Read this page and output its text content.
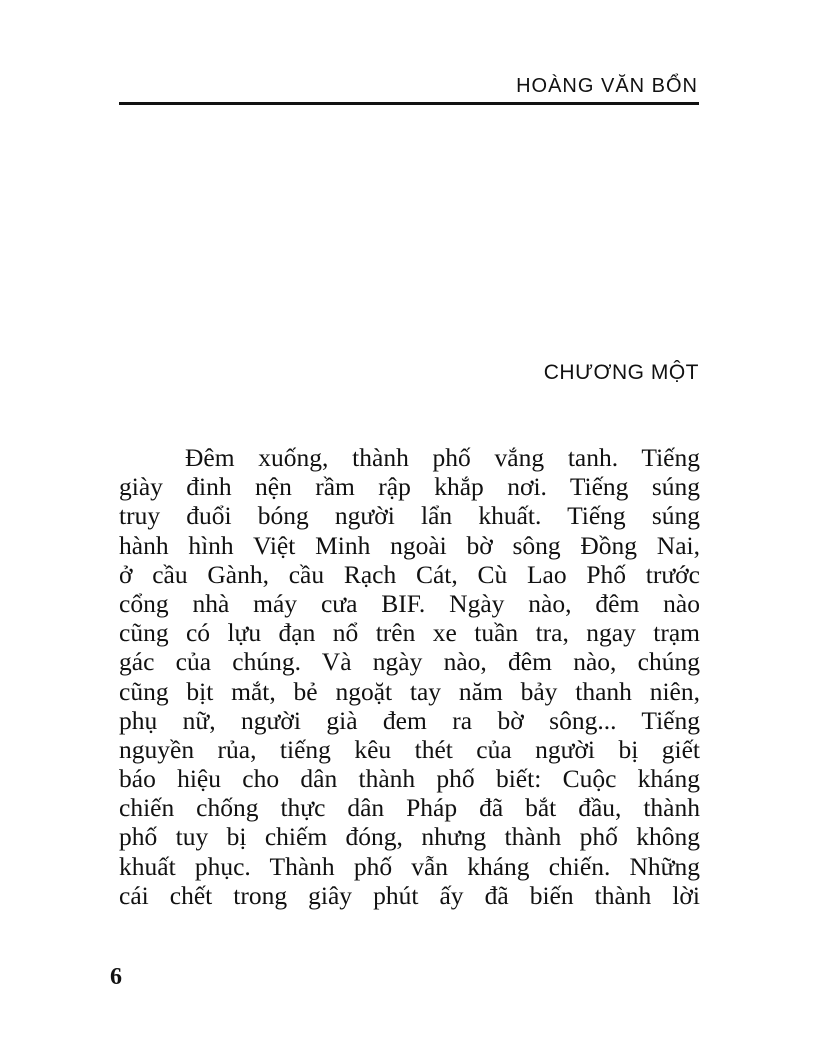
HOÀNG VĂN BỔN
CHƯƠNG MỘT
Đêm xuống, thành phố vắng tanh. Tiếng
giày đinh nện rầm rập khắp nơi. Tiếng súng
truy đuổi bóng người lẩn khuất. Tiếng súng
hành hình Việt Minh ngoài bờ sông Đồng Nai,
ở cầu Gành, cầu Rạch Cát, Cù Lao Phố trước
cổng nhà máy cưa BIF. Ngày nào, đêm nào
cũng có lựu đạn nổ trên xe tuần tra, ngay trạm
gác của chúng. Và ngày nào, đêm nào, chúng
cũng bịt mắt, bẻ ngoặt tay năm bảy thanh niên,
phụ nữ, người già đem ra bờ sông... Tiếng
nguyền rủa, tiếng kêu thét của người bị giết
báo hiệu cho dân thành phố biết: Cuộc kháng
chiến chống thực dân Pháp đã bắt đầu, thành
phố tuy bị chiếm đóng, nhưng thành phố không
khuất phục. Thành phố vẫn kháng chiến. Những
cái chết trong giây phút ấy đã biến thành lời
6
